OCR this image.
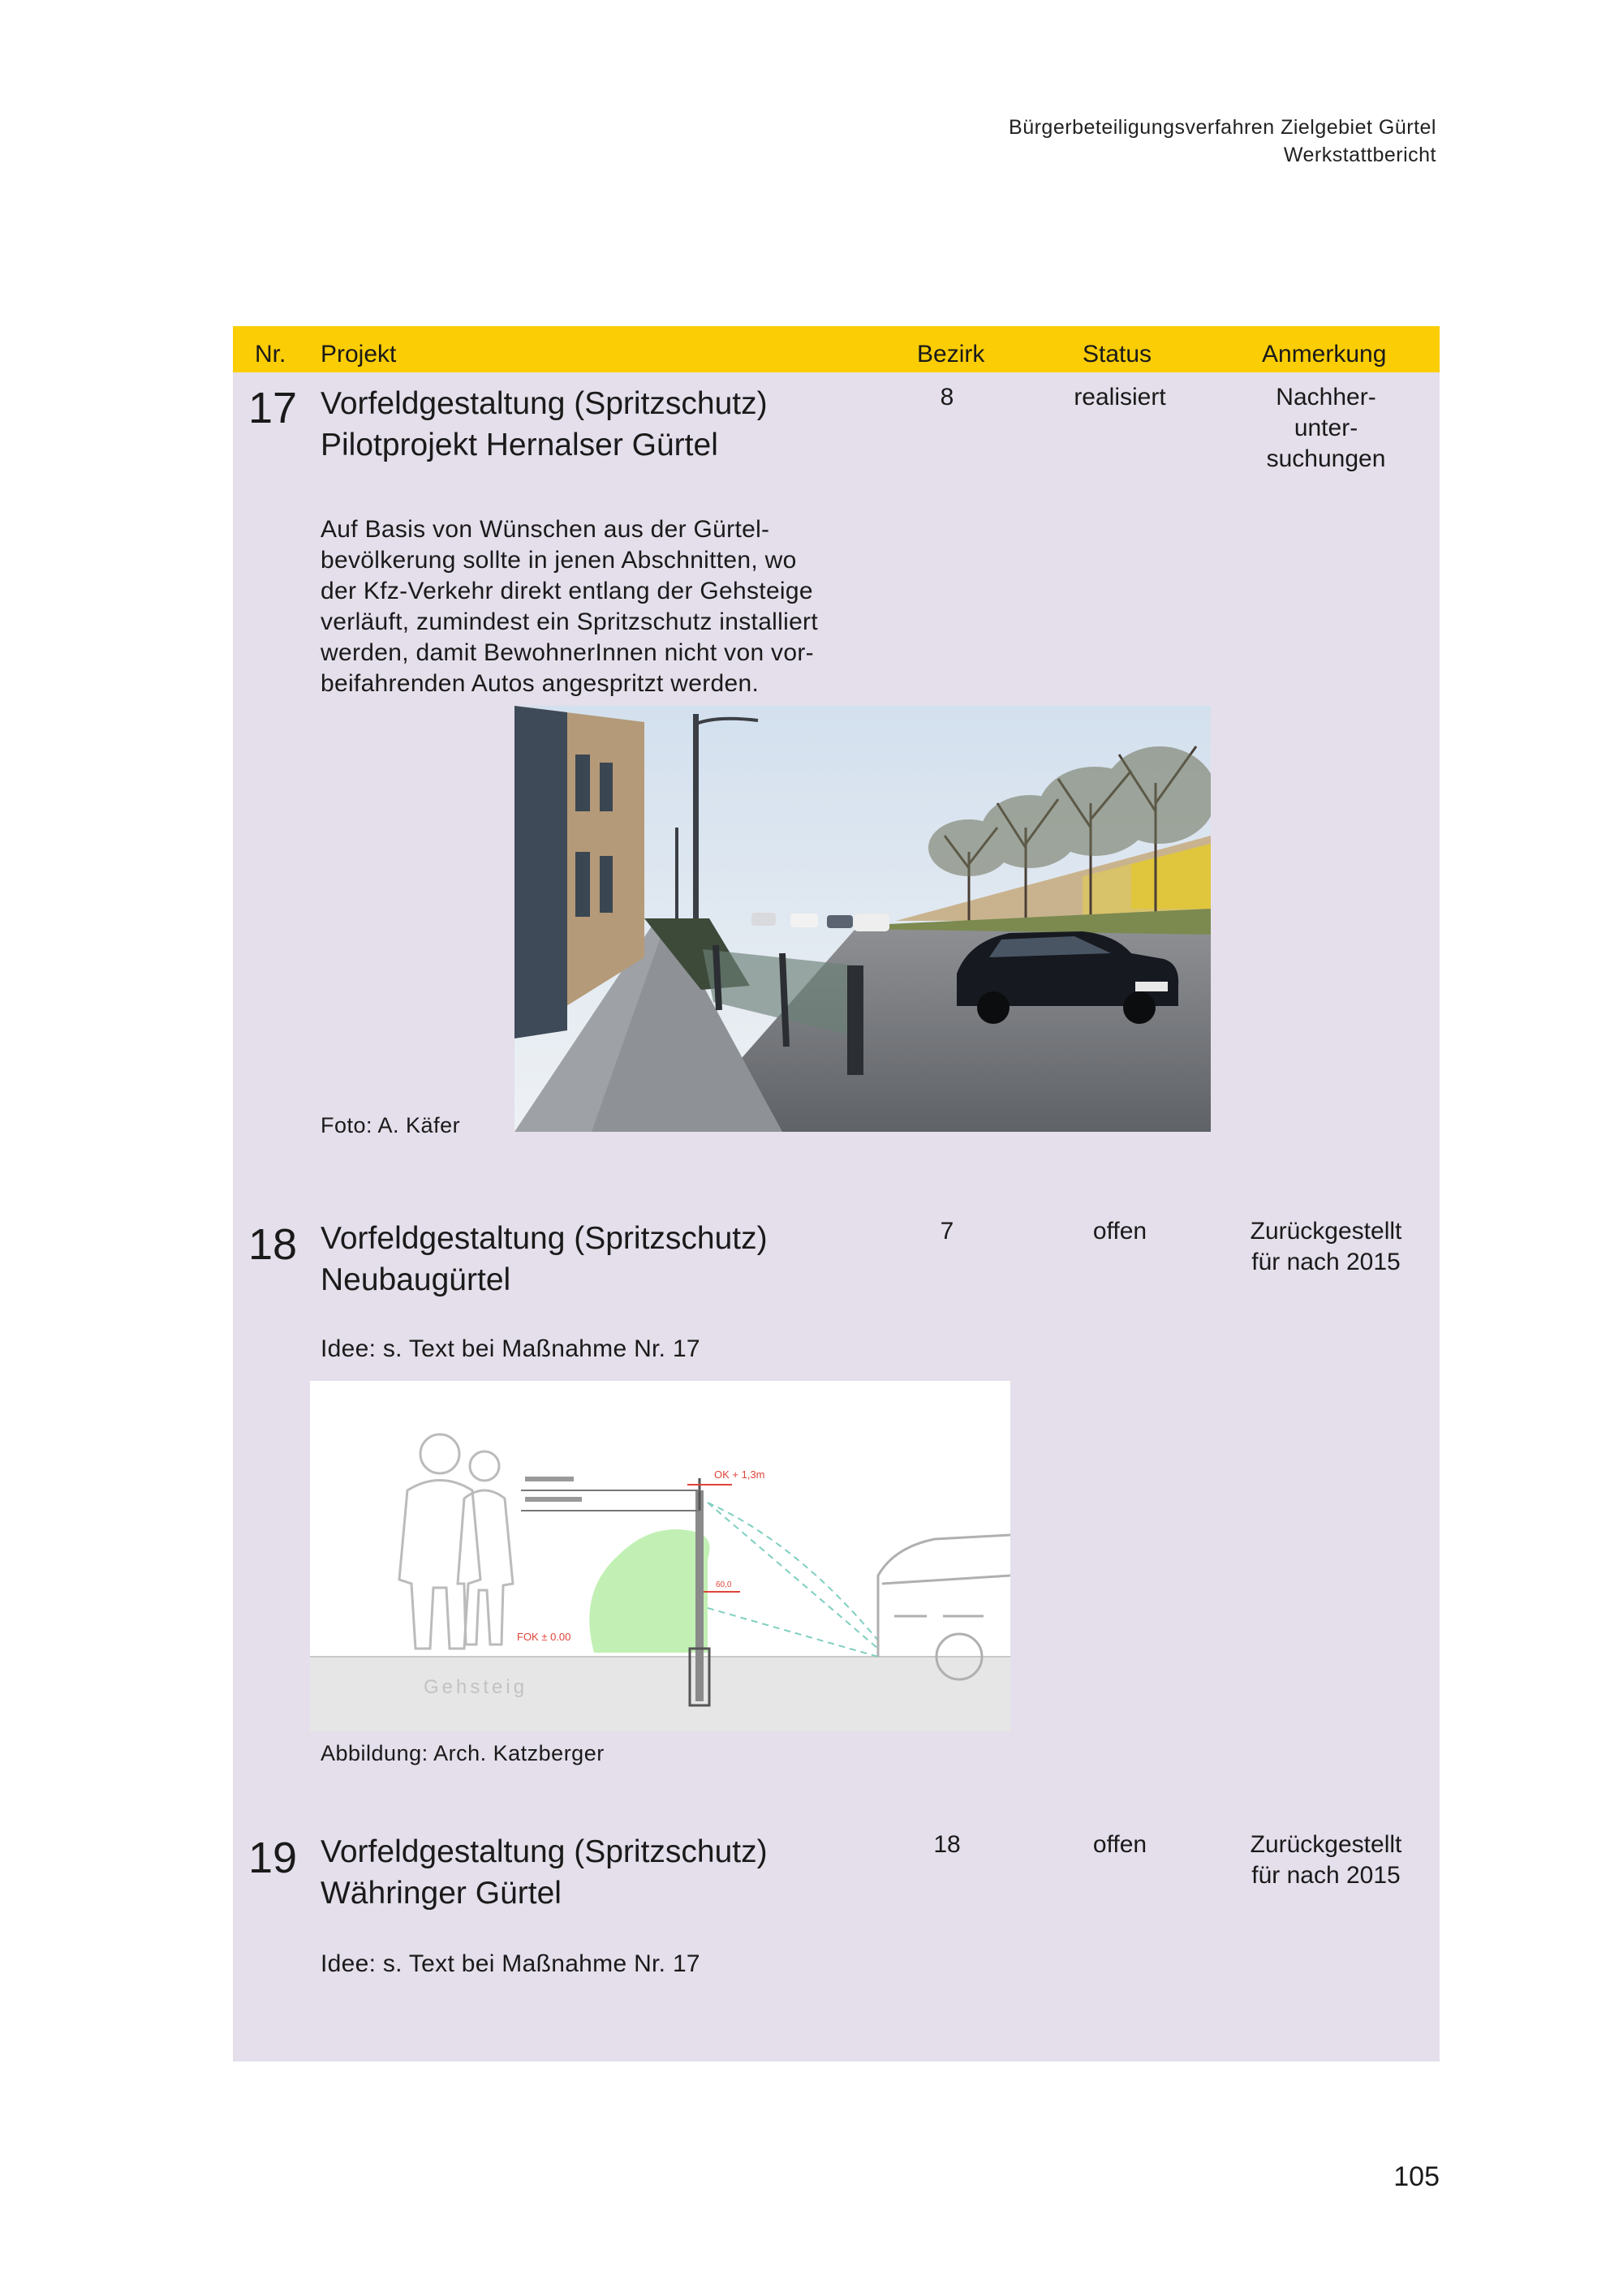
Bürgerbeteiligungsverfahren Zielgebiet Gürtel
Werkstattbericht
Nr. Projekt	Bezirk	Status	Anmerkung
17 Vorfeldgestaltung (Spritzschutz)
Pilotprojekt Hernalser Gürtel
8	realisiert	Nachher-
unter-
suchungen
Auf Basis von Wünschen aus der Gürtel-
bevölkerung sollte in jenen Abschnitten, wo
der Kfz-Verkehr direkt entlang der Gehsteige
verläuft, zumindest ein Spritzschutz installiert
werden, damit BewohnerInnen nicht von vor-
beifahrenden Autos angespritzt werden.
Foto: A. Käfer
18 Vorfeldgestaltung (Spritzschutz)
Neubaugürtel
7	offen	Zurückgestellt
für nach 2015
Idee: s. Text bei Maßnahme Nr. 17
OK + 1,3m
60,0
FOK ± 0.00
Gehsteig
Abbildung: Arch. Katzberger
19 Vorfeldgestaltung (Spritzschutz)
Währinger Gürtel
18	offen	Zurückgestellt
für nach 2015
Idee: s. Text bei Maßnahme Nr. 17
105
